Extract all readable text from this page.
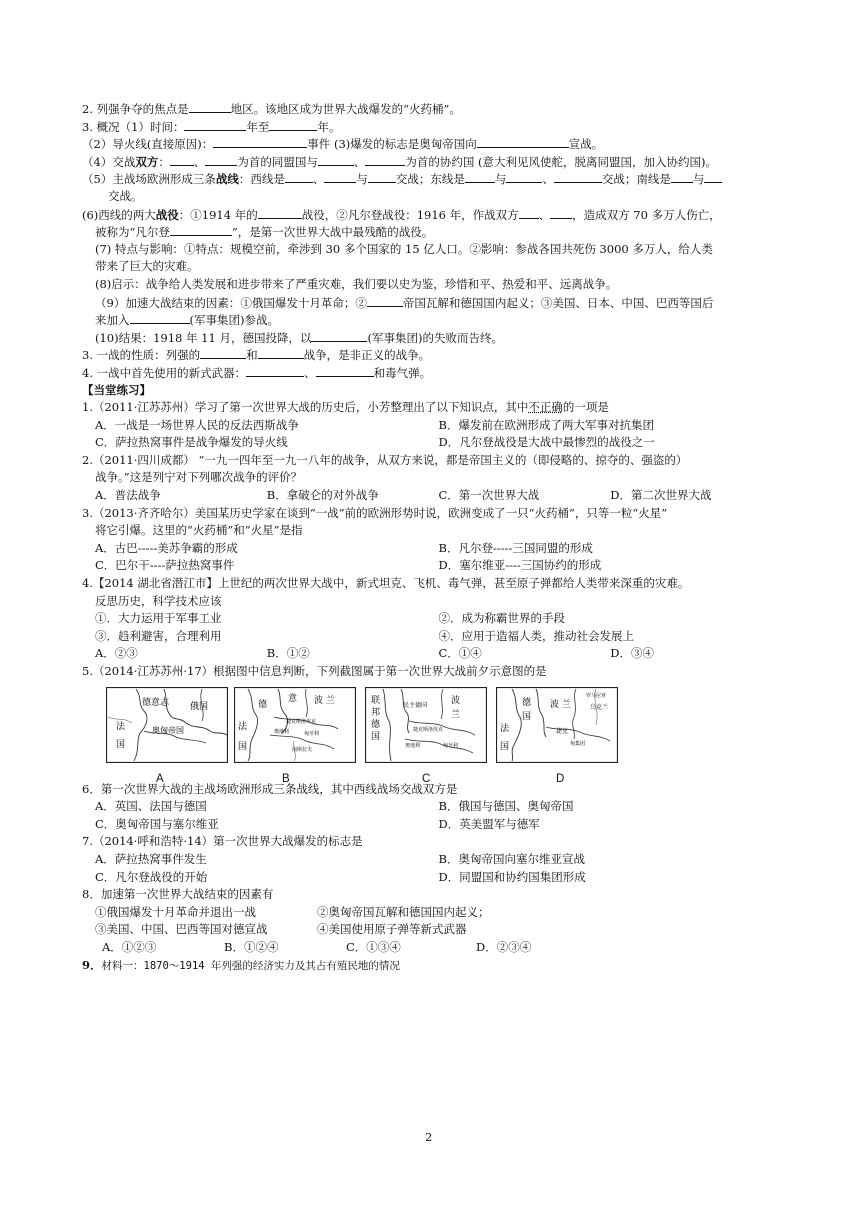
2. 列强争夺的焦点是	地区。该地区成为世界大战爆发的“火药桶”。
3. 概况（1）时间：	年至	年。
（2）导火线(直接原因)：	事件 (3)爆发的标志是奥匈帝国向	宣战。
（4）交战双方： 、	为首的同盟国与	、	为首的协约国 (意大利见风使舵，脱离同盟国，加入协约国)。
（5）主战场欧洲形成三条战线：西线是 、	与 交战；东线是	与	、	交战；南线是 与
交战。
(6)西线的两大战役：①1914 年的	战役，②凡尔登战役：1916 年，作战双方 、 ，造成双方 70 多万人伤亡，
被称为“凡尔登	”，是第一次世界大战中最残酷的战役。
(7) 特点与影响：①特点：规模空前，牵涉到 30 多个国家的 15 亿人口。②影响：参战各国共死伤 3000 多万人，给人类
带来了巨大的灾难。
(8)启示：战争给人类发展和进步带来了严重灾难，我们要以史为鉴，珍惜和平、热爱和平、远离战争。
（9）加速大战结束的因素：①俄国爆发十月革命；②	帝国瓦解和德国国内起义；③美国、日本、中国、巴西等国后
来加入	(军事集团)参战。
(10)结果：1918 年 11 月，德国投降，以	(军事集团)的失败而告终。
3. 一战的性质：列强的	和	战争，是非正义的战争。
4. 一战中首先使用的新式武器：	、	和毒气弹。
【当堂练习】
1.（2011·江苏苏州）学习了第一次世界大战的历史后，小芳整理出了以下知识点，其中不正确的一项是
A．一战是一场世界人民的反法西斯战争	B．爆发前在欧洲形成了两大军事对抗集团
C．萨拉热窝事件是战争爆发的导火线	D．凡尔登战役是大战中最惨烈的战役之一
2.（2011·四川成都） “一九一四年至一九一八年的战争，从双方来说，都是帝国主义的（即侵略的、掠夺的、强盗的）
战争。”这是列宁对下列哪次战争的评价？
A．普法战争	B．拿破仑的对外战争	C．第一次世界大战	D．第二次世界大战
3.（2013·齐齐哈尔）美国某历史学家在谈到“一战”前的欧洲形势时说，欧洲变成了一只“火药桶”，只等一粒“火星”
将它引爆。这里的“火药桶”和“火星”是指
A．古巴-----美苏争霸的形成	B．凡尔登-----三国同盟的形成
C．巴尔干----萨拉热窝事件	D．塞尔维亚----三国协约的形成
4.【2014 湖北省潜江市】上世纪的两次世界大战中，新式坦克、飞机、毒气弹，甚至原子弹都给人类带来深重的灾难。
反思历史，科学技术应该
①．大力运用于军事工业	②．成为称霸世界的手段
③．趋利避害，合理利用	④．应用于造福人类，推动社会发展上
A．②③	B．①②	C．①④	D．③④
5.（2014·江苏苏州·17）根据图中信息判断，下列截图属于第一次世界大战前夕示意图的是
德意志 俄国
法
国
奥匈帝国
德
意 波 兰
法
国
捷克斯洛伐克
奥地利	匈牙利
南斯拉夫
联
邦
德
国
民主德国	波
兰
捷克斯洛伐克
奥地利	匈牙利
德
国
波 兰
法
国
罗马尼亚
乌克兰
捷克
匈集团
A	B	C	D
6．第一次世界大战的主战场欧洲形成三条战线，其中西线战场交战双方是
A．英国、法国与德国	B．俄国与德国、奥匈帝国
C．奥匈帝国与塞尔维亚	D．英美盟军与德军
7.（2014·呼和浩特·14）第一次世界大战爆发的标志是
A．萨拉热窝事件发生	B．奥匈帝国向塞尔维亚宣战
C．凡尔登战役的开始	D．同盟国和协约国集团形成
8．加速第一次世界大战结束的因素有
①俄国爆发十月革命并退出一战	②奥匈帝国瓦解和德国国内起义；
③美国、中国、巴西等国对德宣战	④美国使用原子弹等新式武器
A．①②③	B．①②④	C．①③④	D．②③④
9．材料一：1870～1914 年列强的经济实力及其占有殖民地的情况
2
